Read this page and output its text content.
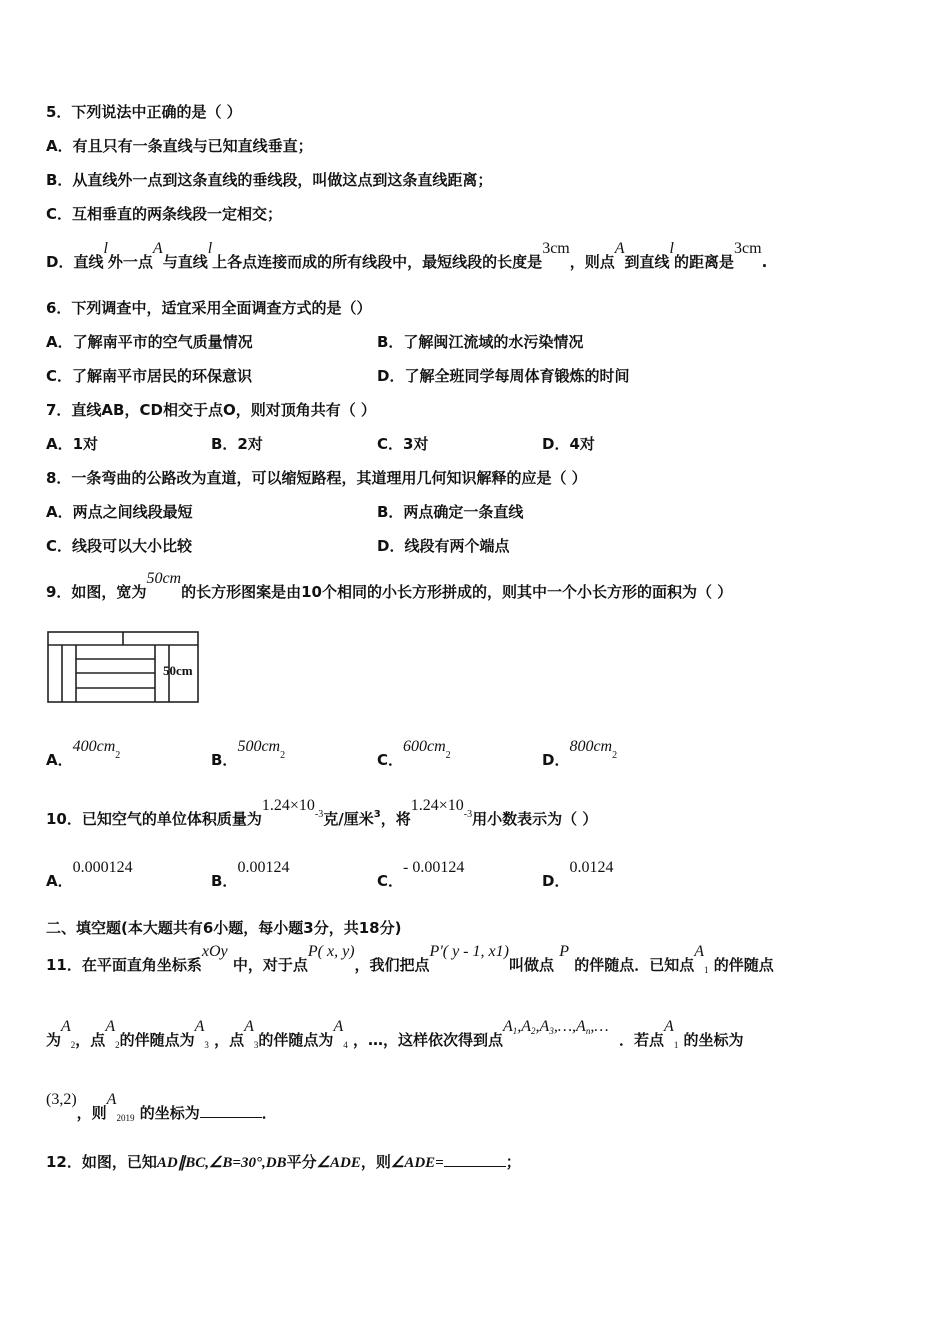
5．下列说法中正确的是（ ）
A．有且只有一条直线与已知直线垂直；
B．从直线外一点到这条直线的垂线段，叫做这点到这条直线距离；
C．互相垂直的两条线段一定相交；
D．直线l外一点A与直线l上各点连接而成的所有线段中，最短线段的长度是3cm，则点A到直线l的距离是3cm.
6．下列调查中，适宜采用全面调查方式的是（）
A．了解南平市的空气质量情况	B．了解闽江流域的水污染情况
C．了解南平市居民的环保意识	D．了解全班同学每周体育锻炼的时间
7．直线AB，CD相交于点O，则对顶角共有（ ）
A．1对	B．2对	C．3对	D．4对
8．一条弯曲的公路改为直道，可以缩短路程，其道理用几何知识解释的应是（ ）
A．两点之间线段最短	B．两点确定一条直线
C．线段可以大小比较	D．线段有两个端点
9．如图，宽为50cm的长方形图案是由10个相同的小长方形拼成的，则其中一个小长方形的面积为（ ）
50cm
A．$400cm^2$	B．$500cm^2$	C．$600cm^2$	D．$800cm^2$
10．已知空气的单位体积质量为$1.24\times 10^{-3}$克/厘米$^3$，将$1.24\times 10^{-3}$用小数表示为（ ）
A．0.000124
B．0.00124
C．- 0.00124
D．0.0124
二、填空题(本大题共有6小题，每小题3分，共18分)
11．在平面直角坐标系xOy 中，对于点P( x, y)，我们把点P'( y - 1, x1)叫做点 P 的伴随点．已知点$A_1$ 的伴随点
为$A_2$，点$A_2$的伴随点为$A_3$ ，点$A_3$的伴随点为$A_4$ ，…，这样依次得到点A1,A2,A3,…,An,…  ．若点$A_1$ 的坐标为
(3,2)，则$A_{2019}$ 的坐标为	．
12．如图，已知AD∥BC,∠B=30°,DB平分∠ADE，则∠ADE=	；
